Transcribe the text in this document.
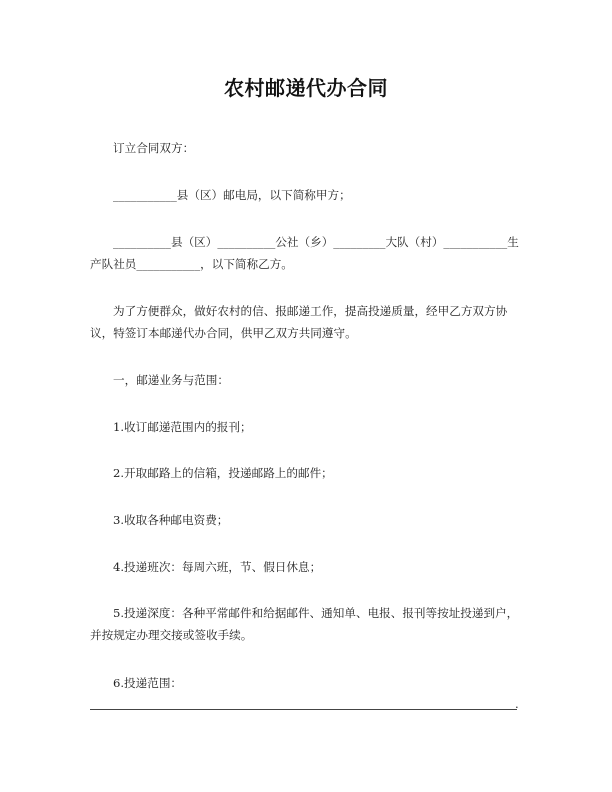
农村邮递代办合同
订立合同双方：
___________县（区）邮电局，以下简称甲方；
__________县（区）__________公社（乡）_________大队（村）___________生产队社员___________，以下简称乙方。
为了方便群众，做好农村的信、报邮递工作，提高投递质量，经甲乙方双方协议，特签订本邮递代办合同，供甲乙双方共同遵守。
一，邮递业务与范围：
1.收订邮递范围内的报刊；
2.开取邮路上的信箱，投递邮路上的邮件；
3.收取各种邮电资费；
4.投递班次：每周六班，节、假日休息；
5.投递深度：各种平常邮件和给据邮件、通知单、电报、报刊等按址投递到户，并按规定办理交接或签收手续。
6.投递范围：
.
